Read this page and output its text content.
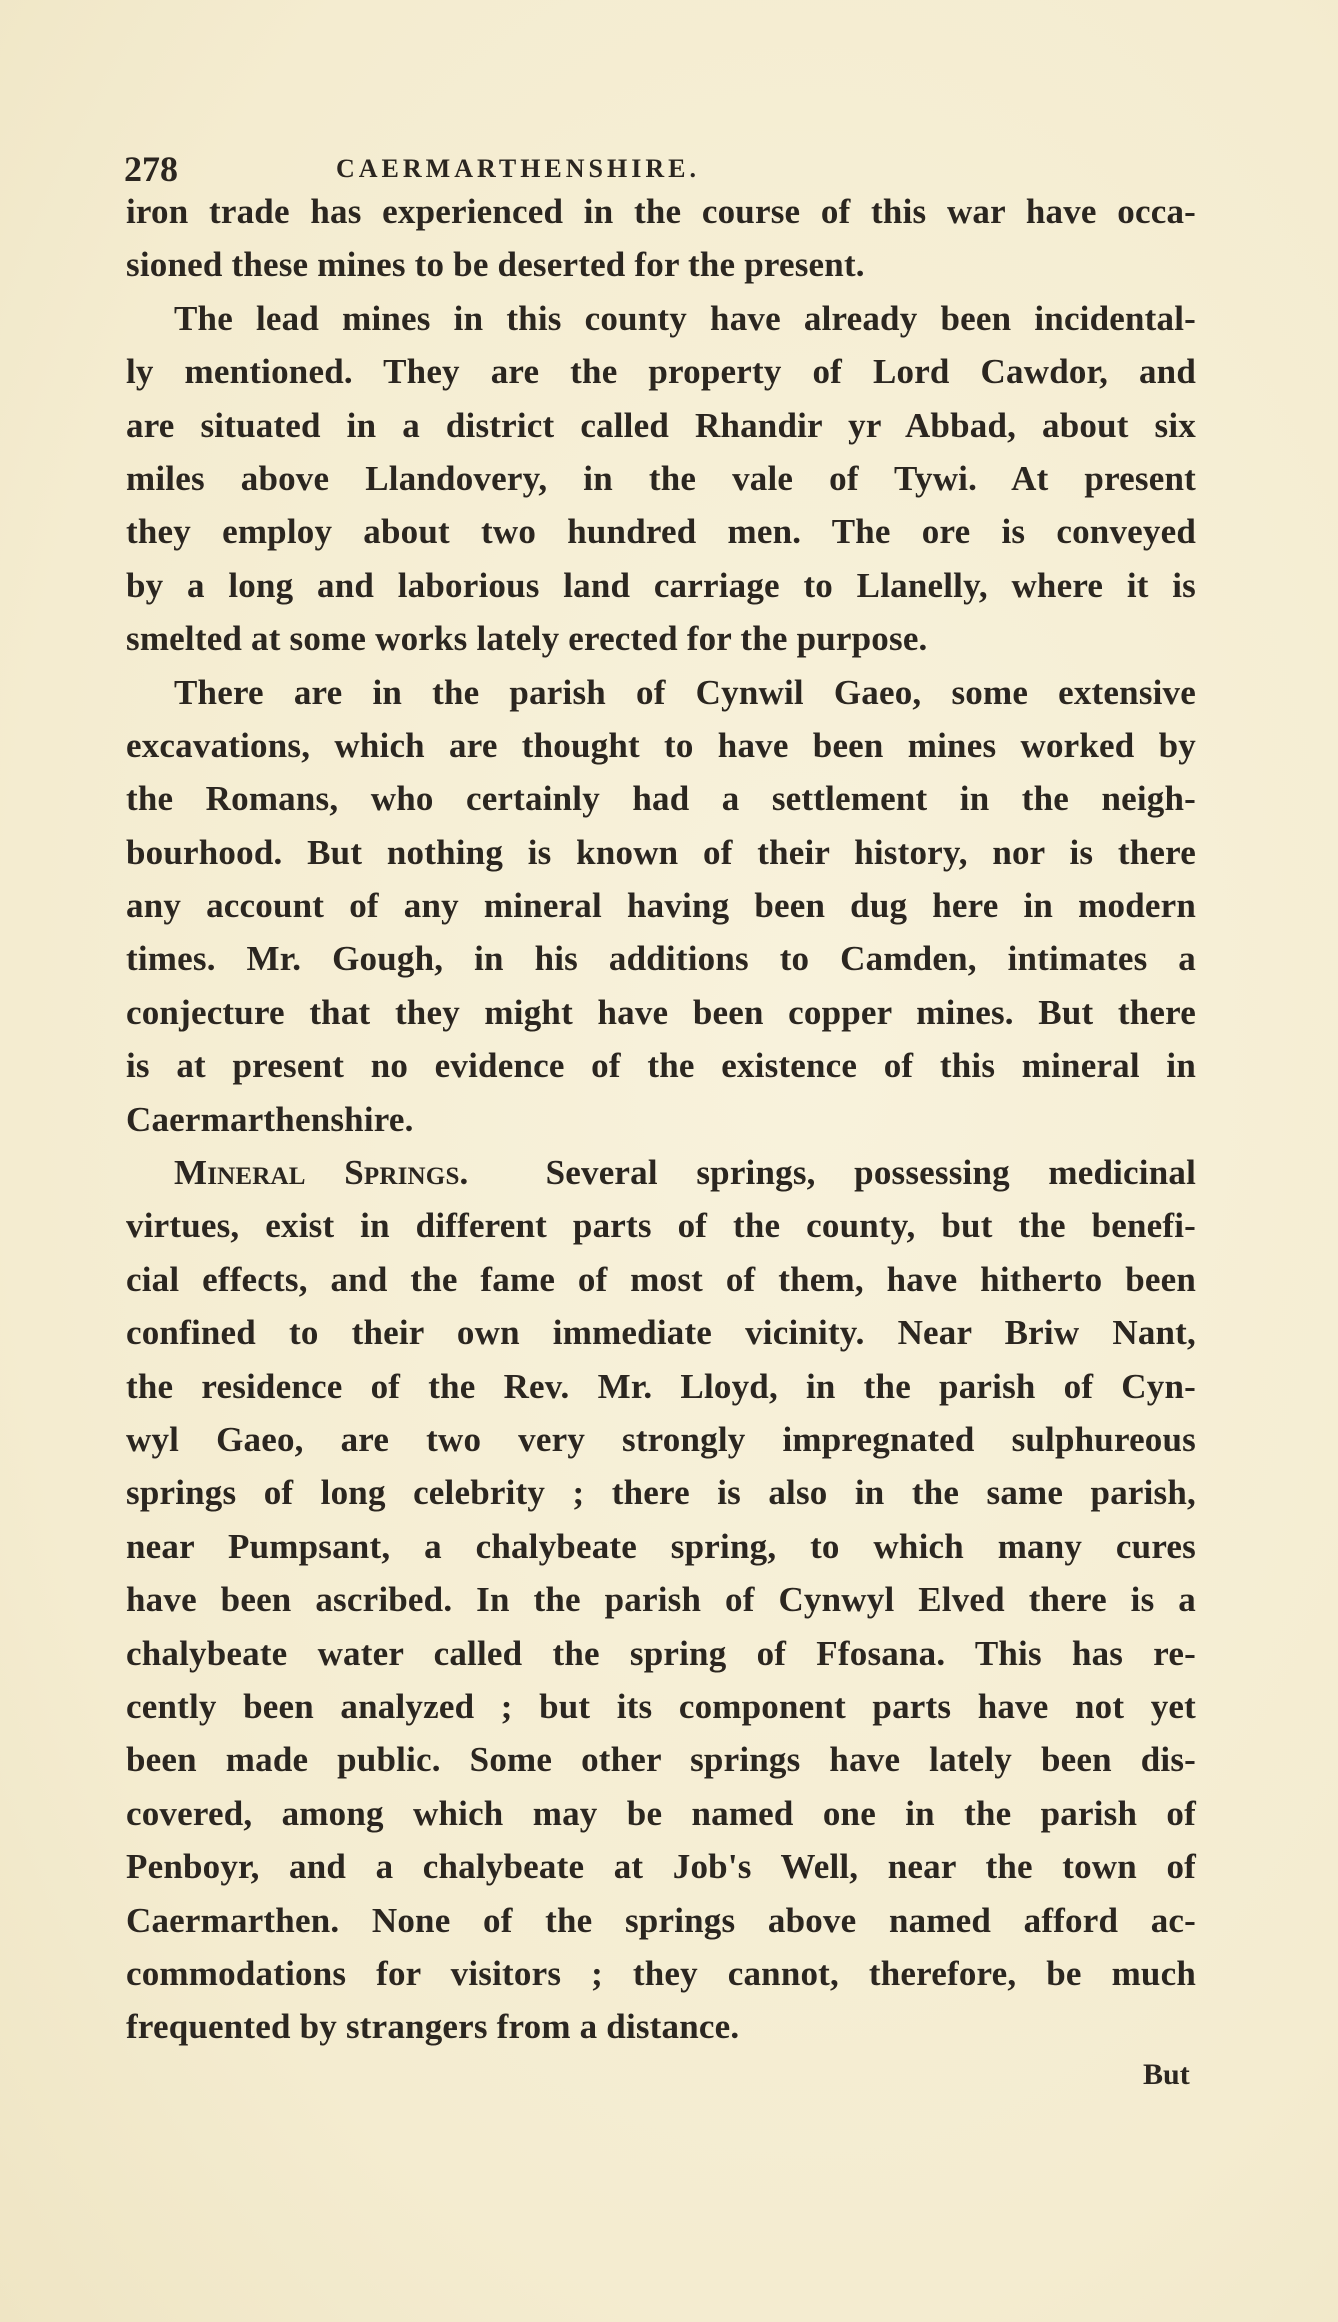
278	CAERMARTHENSHIRE.
iron trade has experienced in the course of this war have occa-
sioned these mines to be deserted for the present.
The lead mines in this county have already been incidental-
ly mentioned. They are the property of Lord Cawdor, and
are situated in a district called Rhandir yr Abbad, about six
miles above Llandovery, in the vale of Tywi. At present
they employ about two hundred men. The ore is conveyed
by a long and laborious land carriage to Llanelly, where it is
smelted at some works lately erected for the purpose.
There are in the parish of Cynwil Gaeo, some extensive
excavations, which are thought to have been mines worked by
the Romans, who certainly had a settlement in the neigh-
bourhood. But nothing is known of their history, nor is there
any account of any mineral having been dug here in modern
times. Mr. Gough, in his additions to Camden, intimates a
conjecture that they might have been copper mines. But there
is at present no evidence of the existence of this mineral in
Caermarthenshire.
Mineral Springs. Several springs, possessing medicinal
virtues, exist in different parts of the county, but the benefi-
cial effects, and the fame of most of them, have hitherto been
confined to their own immediate vicinity. Near Briw Nant,
the residence of the Rev. Mr. Lloyd, in the parish of Cyn-
wyl Gaeo, are two very strongly impregnated sulphureous
springs of long celebrity ; there is also in the same parish,
near Pumpsant, a chalybeate spring, to which many cures
have been ascribed. In the parish of Cynwyl Elved there is a
chalybeate water called the spring of Ffosana. This has re-
cently been analyzed ; but its component parts have not yet
been made public. Some other springs have lately been dis-
covered, among which may be named one in the parish of
Penboyr, and a chalybeate at Job's Well, near the town of
Caermarthen. None of the springs above named afford ac-
commodations for visitors ; they cannot, therefore, be much
frequented by strangers from a distance.
But
